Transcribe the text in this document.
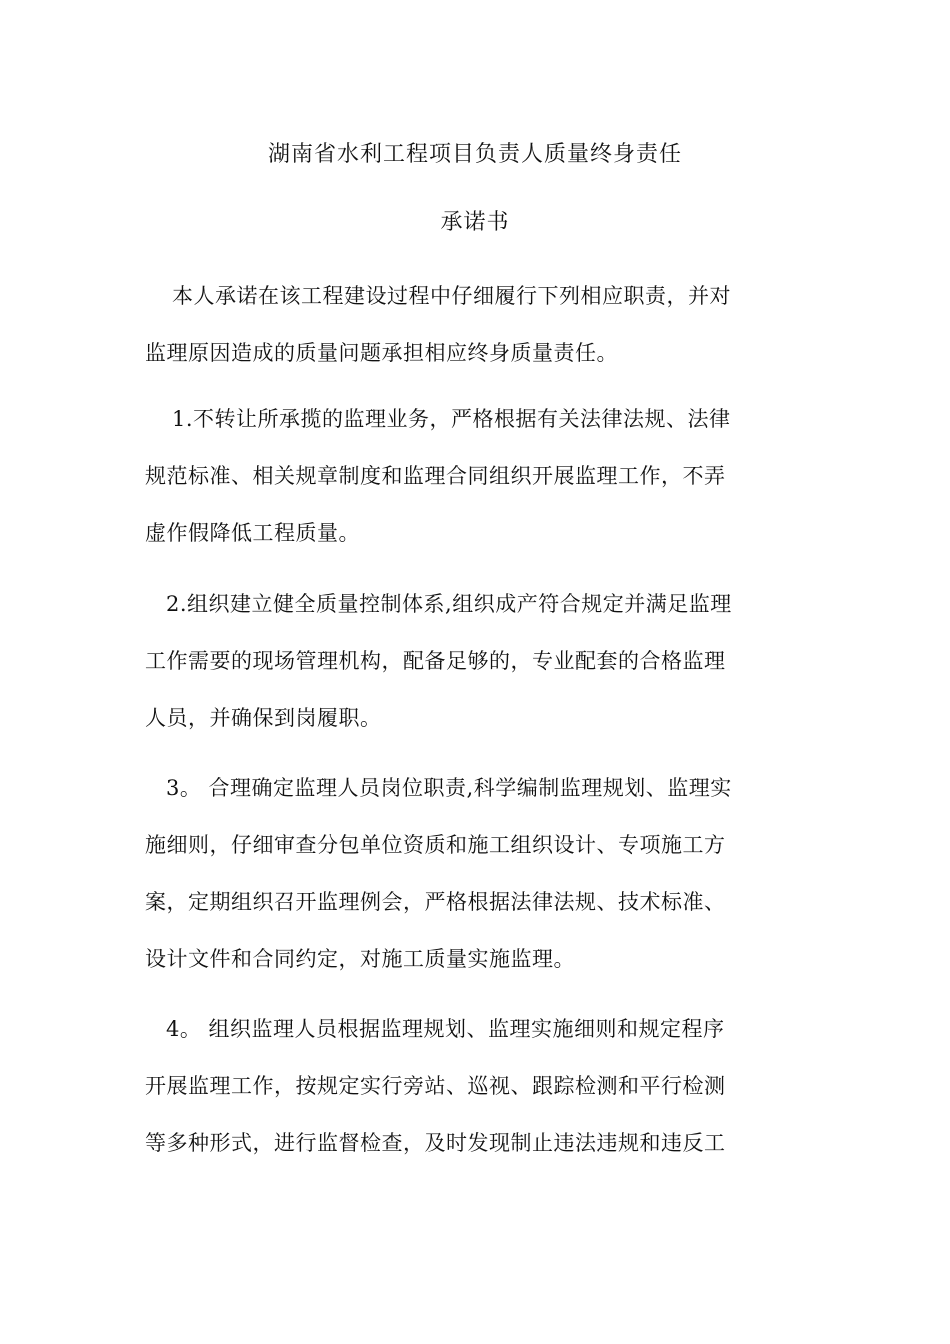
湖南省水利工程项目负责人质量终身责任
承诺书
本人承诺在该工程建设过程中仔细履行下列相应职责，并对
监理原因造成的质量问题承担相应终身质量责任。
1.不转让所承揽的监理业务，严格根据有关法律法规、法律
规范标准、相关规章制度和监理合同组织开展监理工作，不弄
虚作假降低工程质量。
2.组织建立健全质量控制体系,组织成产符合规定并满足监理
工作需要的现场管理机构，配备足够的，专业配套的合格监理
人员，并确保到岗履职。
3。 合理确定监理人员岗位职责,科学编制监理规划、监理实
施细则，仔细审查分包单位资质和施工组织设计、专项施工方
案，定期组织召开监理例会，严格根据法律法规、技术标准、
设计文件和合同约定，对施工质量实施监理。
4。 组织监理人员根据监理规划、监理实施细则和规定程序
开展监理工作，按规定实行旁站、巡视、跟踪检测和平行检测
等多种形式，进行监督检查，及时发现制止违法违规和违反工
